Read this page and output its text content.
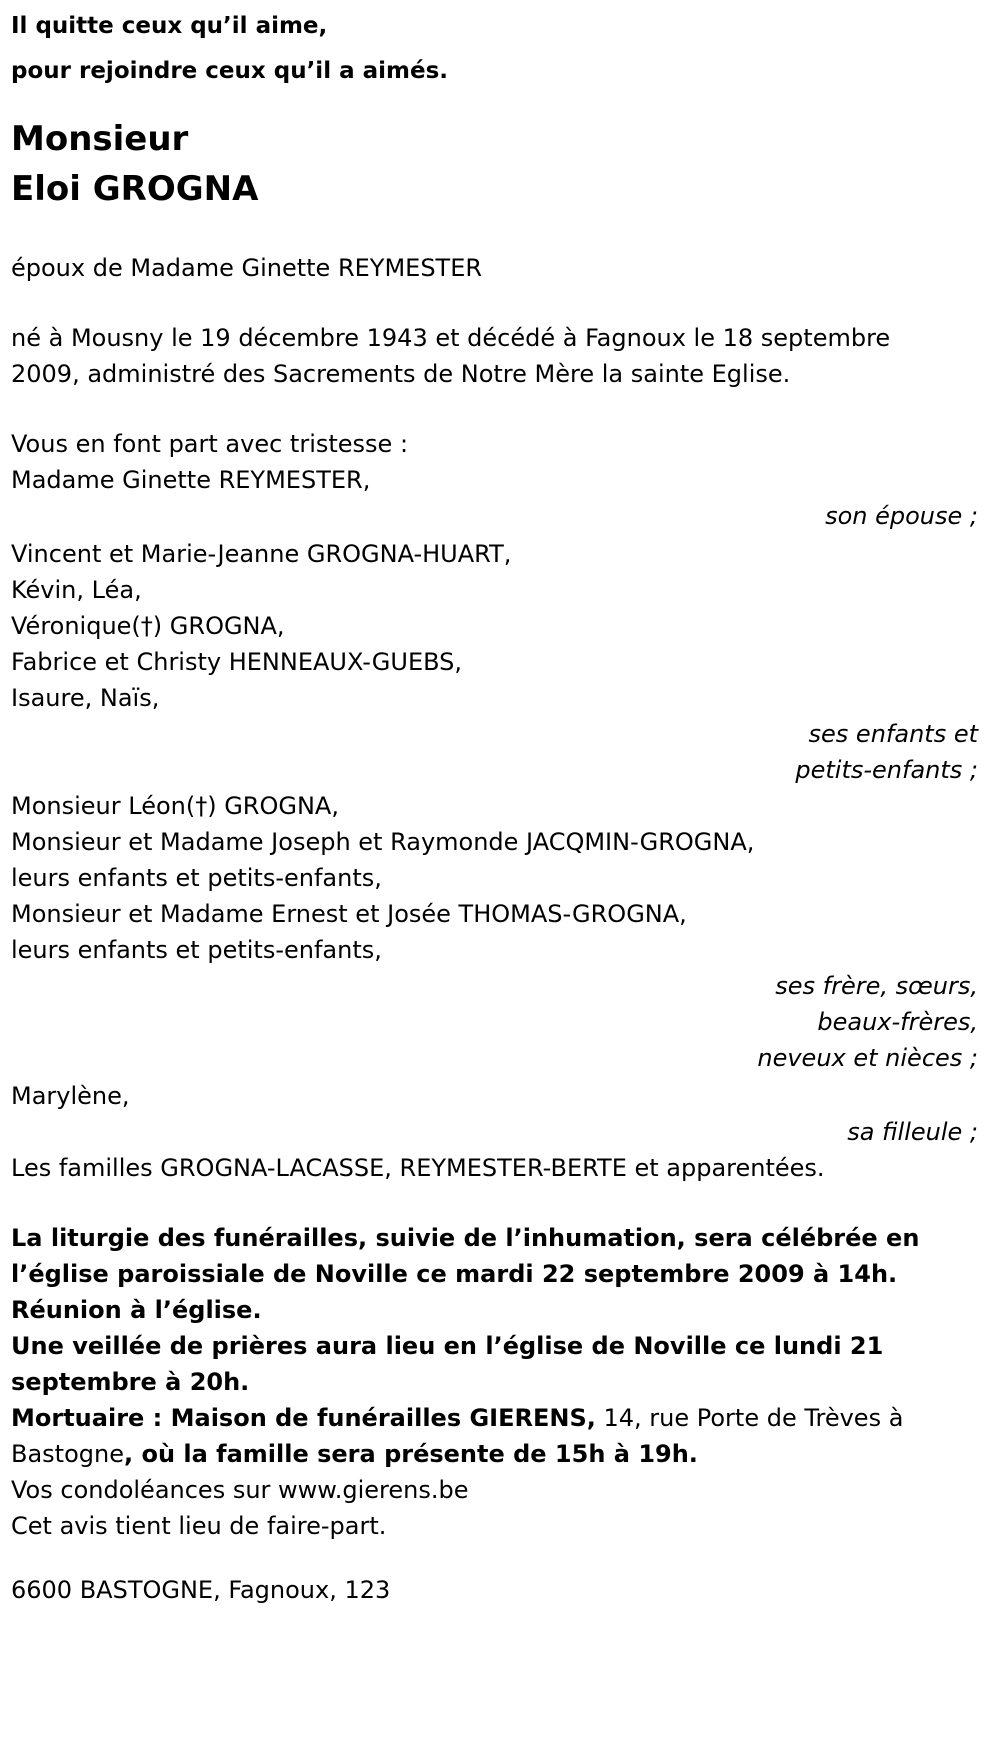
Il quitte ceux qu’il aime,
pour rejoindre ceux qu’il a aimés.
Monsieur
Eloi GROGNA
époux de Madame Ginette REYMESTER
né à Mousny le 19 décembre 1943 et décédé à Fagnoux le 18 septembre
2009, administré des Sacrements de Notre Mère la sainte Eglise.
Vous en font part avec tristesse :
Madame Ginette REYMESTER,
son épouse ;
Vincent et Marie-Jeanne GROGNA-HUART,
Kévin, Léa,
Véronique(†) GROGNA,
Fabrice et Christy HENNEAUX-GUEBS,
Isaure, Naïs,
ses enfants et
petits-enfants ;
Monsieur Léon(†) GROGNA,
Monsieur et Madame Joseph et Raymonde JACQMIN-GROGNA,
leurs enfants et petits-enfants,
Monsieur et Madame Ernest et Josée THOMAS-GROGNA,
leurs enfants et petits-enfants,
ses frère, sœurs,
beaux-frères,
neveux et nièces ;
Marylène,
sa filleule ;
Les familles GROGNA-LACASSE, REYMESTER-BERTE et apparentées.
La liturgie des funérailles, suivie de l’inhumation, sera célébrée en
l’église paroissiale de Noville ce mardi 22 septembre 2009 à 14h.
Réunion à l’église.
Une veillée de prières aura lieu en l’église de Noville ce lundi 21
septembre à 20h.
Mortuaire : Maison de funérailles GIERENS, 14, rue Porte de Trèves à
Bastogne, où la famille sera présente de 15h à 19h.
Vos condoléances sur www.gierens.be
Cet avis tient lieu de faire-part.
6600 BASTOGNE, Fagnoux, 123
